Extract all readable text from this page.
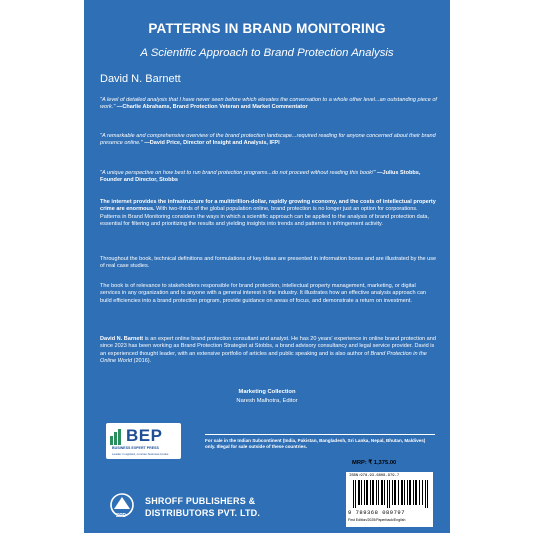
PATTERNS IN BRAND MONITORING
A Scientific Approach to Brand Protection Analysis
David N. Barnett
"A level of detailed analysis that I have never seen before which elevates the conversation to a whole other level...an outstanding piece of work." —Charlie Abrahams, Brand Protection Veteran and Market Commentator
"A remarkable and comprehensive overview of the brand protection landscape...required reading for anyone concerned about their brand presence online." —David Price, Director of Insight and Analysis, IFPI
"A unique perspective on how best to run brand protection programs...do not proceed without reading this book!" —Julius Stobbs, Founder and Director, Stobbs
The internet provides the infrastructure for a multitrillion-dollar, rapidly growing economy, and the costs of intellectual property crime are enormous. With two-thirds of the global population online, brand protection is no longer just an option for corporations. Patterns in Brand Monitoring considers the ways in which a scientific approach can be applied to the analysis of brand protection data, essential for filtering and prioritizing the results and yielding insights into trends and patterns in infringement activity.
Throughout the book, technical definitions and formulations of key ideas are presented in information boxes and are illustrated by the use of real case studies.
The book is of relevance to stakeholders responsible for brand protection, intellectual property management, marketing, or digital services in any organization and to anyone with a general interest in the industry. It illustrates how an effective analysis approach can build efficiencies into a brand protection program, provide guidance on areas of focus, and demonstrate a return on investment.
David N. Barnett is an expert online brand protection consultant and analyst. He has 20 years' experience in online brand protection and since 2023 has been working as Brand Protection Strategist at Stobbs, a brand advisory consultancy and legal service provider. David is an experienced thought leader, with an extensive portfolio of articles and public speaking and is also author of Brand Protection in the Online World (2016).
Marketing Collection
Naresh Malhotra, Editor
BEP
BUSINESS EXPERT PRESS
Leader in applied, concise business books
For sale in the Indian Subcontinent (India, Pakistan, Bangladesh, Sri Lanka, Nepal, Bhutan, Maldives) only. Illegal for sale outside of these countries.
MRP: ₹ 1,375.00
ISBN:978-93-6808-979-7
9 789368 089797
First Edition/2025/Paperback/English
SPD
SHROFF PUBLISHERS &
DISTRIBUTORS PVT. LTD.
